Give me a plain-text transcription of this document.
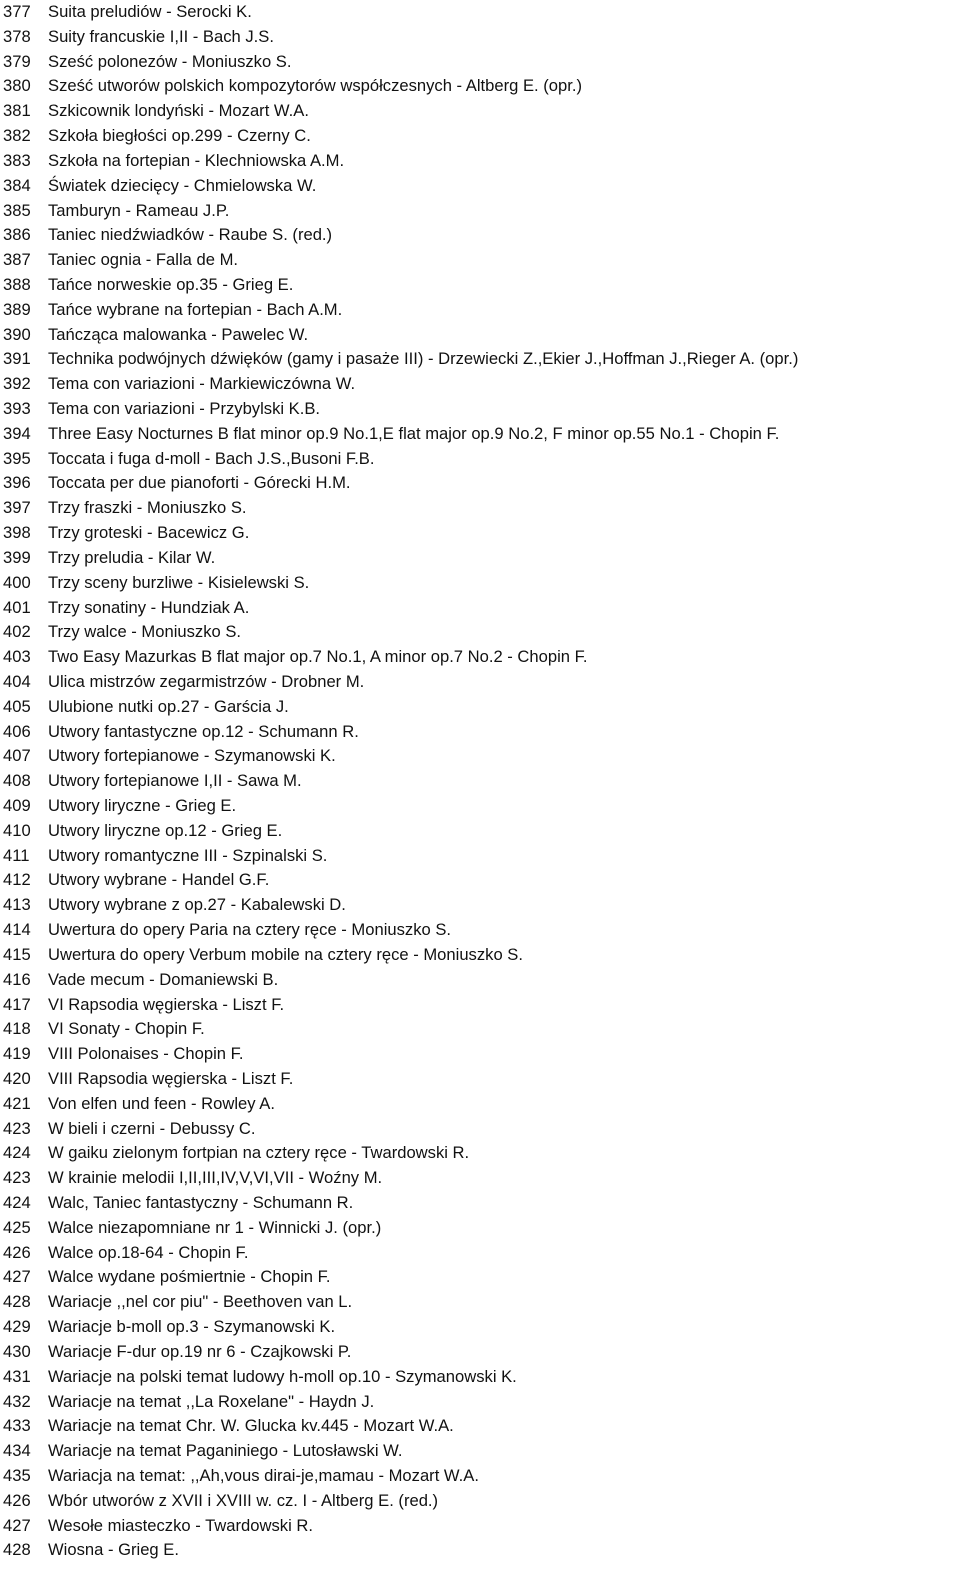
377	Suita preludiów - Serocki K.
378	Suity francuskie I,II - Bach J.S.
379	Sześć polonezów - Moniuszko S.
380	Sześć utworów polskich kompozytorów współczesnych - Altberg E. (opr.)
381	Szkicownik londyński - Mozart W.A.
382	Szkoła biegłości op.299 - Czerny C.
383	Szkoła na fortepian - Klechniowska A.M.
384	Światek dziecięcy - Chmielowska W.
385	Tamburyn - Rameau J.P.
386	Taniec niedźwiadków - Raube S. (red.)
387	Taniec ognia - Falla de M.
388	Tańce norweskie op.35 - Grieg E.
389	Tańce wybrane na fortepian - Bach A.M.
390	Tańcząca malowanka - Pawelec W.
391	Technika podwójnych dźwięków (gamy i pasaże III) - Drzewiecki Z.,Ekier J.,Hoffman J.,Rieger A. (opr.)
392	Tema con variazioni - Markiewiczówna W.
393	Tema con variazioni - Przybylski K.B.
394	Three Easy Nocturnes B flat minor op.9 No.1,E flat major op.9 No.2, F minor op.55 No.1 - Chopin F.
395	Toccata i fuga d-moll - Bach J.S.,Busoni F.B.
396	Toccata per due pianoforti - Górecki H.M.
397	Trzy fraszki - Moniuszko S.
398	Trzy groteski - Bacewicz G.
399	Trzy preludia - Kilar W.
400	Trzy sceny burzliwe - Kisielewski S.
401	Trzy sonatiny - Hundziak A.
402	Trzy walce - Moniuszko S.
403	Two Easy Mazurkas B flat major op.7 No.1, A minor op.7 No.2 - Chopin F.
404	Ulica mistrzów zegarmistrzów - Drobner M.
405	Ulubione nutki op.27 - Garścia J.
406	Utwory fantastyczne op.12 - Schumann R.
407	Utwory fortepianowe - Szymanowski K.
408	Utwory fortepianowe I,II - Sawa M.
409	Utwory liryczne - Grieg E.
410	Utwory liryczne op.12 - Grieg E.
411	Utwory romantyczne III - Szpinalski S.
412	Utwory wybrane - Handel G.F.
413	Utwory wybrane z op.27 - Kabalewski D.
414	Uwertura do opery Paria na cztery ręce - Moniuszko S.
415	Uwertura do opery Verbum mobile na cztery ręce - Moniuszko S.
416	Vade mecum - Domaniewski B.
417	VI Rapsodia węgierska - Liszt F.
418	VI Sonaty - Chopin F.
419	VIII Polonaises - Chopin F.
420	VIII Rapsodia węgierska - Liszt F.
421	Von elfen und feen - Rowley A.
423	W bieli i czerni - Debussy C.
424	W gaiku zielonym fortpian na cztery ręce - Twardowski R.
423	W krainie melodii I,II,III,IV,V,VI,VII - Woźny M.
424	Walc, Taniec fantastyczny - Schumann R.
425	Walce niezapomniane nr 1 - Winnicki J. (opr.)
426	Walce op.18-64 - Chopin F.
427	Walce wydane pośmiertnie - Chopin F.
428	Wariacje ,,nel cor piu" - Beethoven van L.
429	Wariacje b-moll op.3 - Szymanowski K.
430	Wariacje F-dur op.19 nr 6 - Czajkowski P.
431	Wariacje na polski temat ludowy h-moll op.10 - Szymanowski K.
432	Wariacje na temat ,,La Roxelane" - Haydn J.
433	Wariacje na temat Chr. W. Glucka kv.445 - Mozart W.A.
434	Wariacje na temat Paganiniego - Lutosławski W.
435	Wariacja na temat: ,,Ah,vous dirai-je,mamau - Mozart W.A.
426	Wbór utworów z XVII i XVIII w. cz. I - Altberg E. (red.)
427	Wesołe miasteczko - Twardowski R.
428	Wiosna - Grieg E.
